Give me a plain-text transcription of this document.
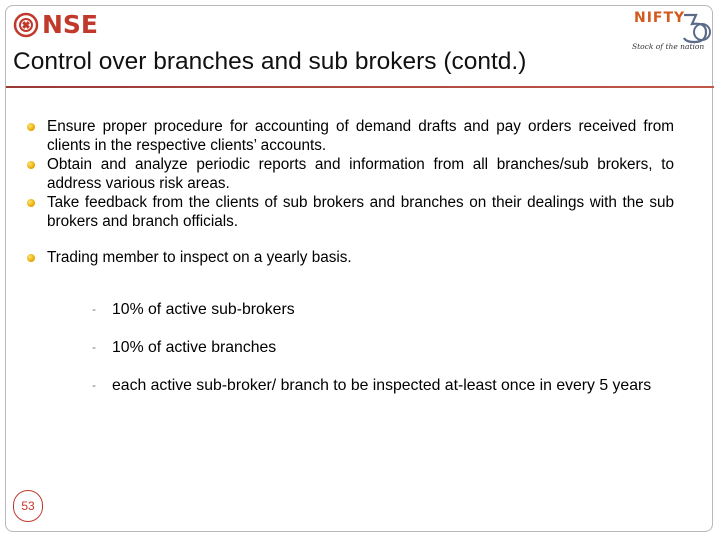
NSE	NIFTY
Stock of the nation
Control over branches and sub brokers (contd.)
Ensure proper procedure for accounting of demand drafts and pay orders received from clients in the respective clients’ accounts.
Obtain and analyze periodic reports and information from all branches/sub brokers, to address various risk areas.
Take feedback from the clients of sub brokers and branches on their dealings with the sub brokers and branch officials.
Trading member to inspect on a yearly basis.
- 10% of active sub-brokers
- 10% of active branches
- each active sub-broker/ branch to be inspected at-least once in every 5 years
53
